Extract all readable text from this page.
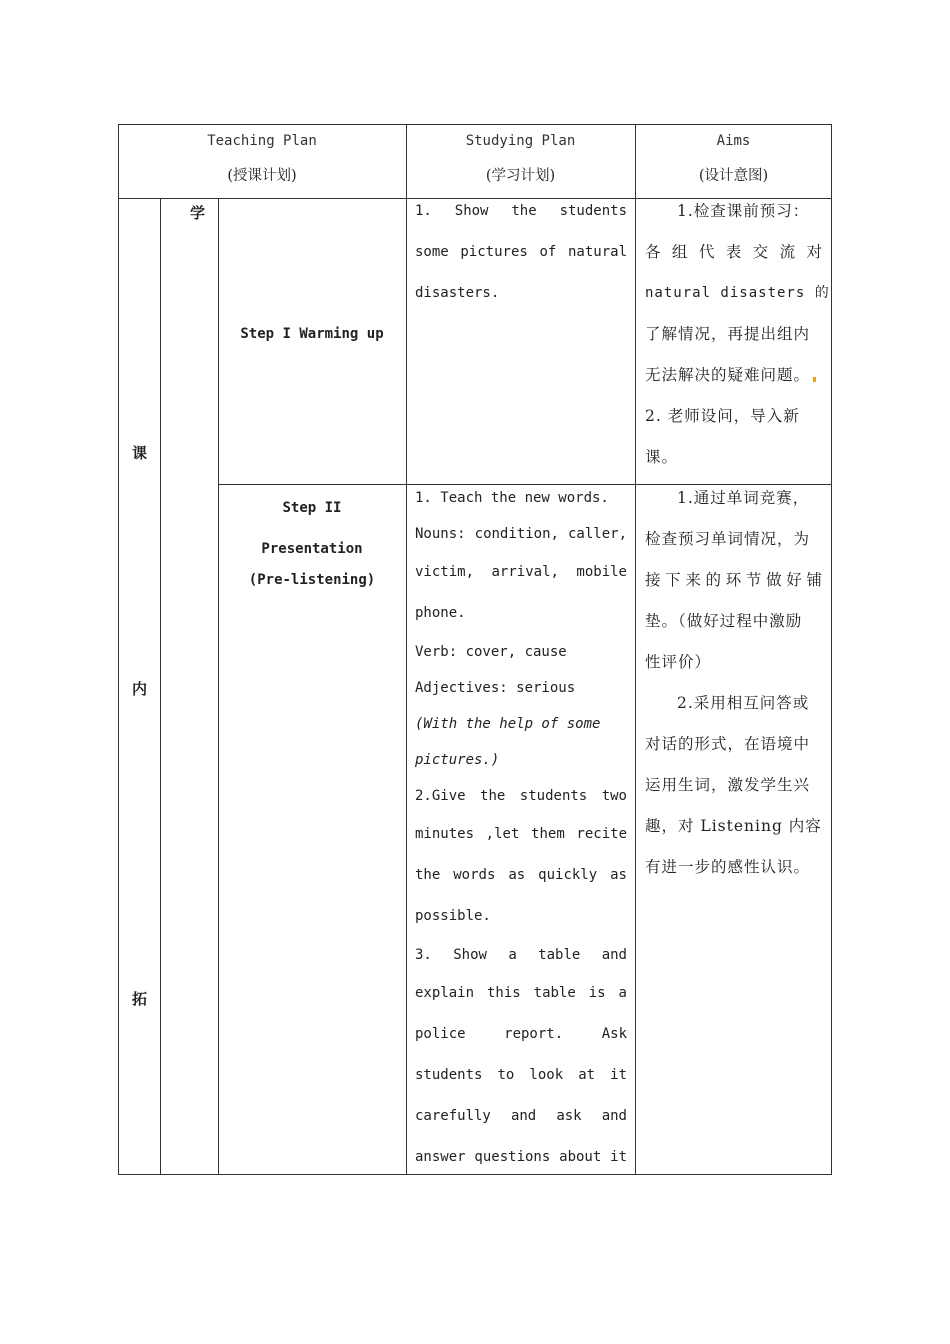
Teaching Plan
(授课计划)
Studying Plan
(学习计划)
Aims
(设计意图)
学
课
内
拓
Step I Warming up
1. Show the students
some pictures of natural
disasters.
1.检查课前预习：
各 组 代 表 交 流 对
natural disasters 的
了解情况，再提出组内
无法解决的疑难问题。
2. 老师设问，导入新
课。
Step II
Presentation
(Pre-listening)
1. Teach the new words.
Nouns: condition, caller,
victim, arrival, mobile
phone.
Verb: cover, cause
Adjectives: serious
(With the help of some
pictures.)
2.Give the students two
minutes ,let them recite
the words as quickly as
possible.
3. Show a table and
explain this table is a
police report. Ask
students to look at it
carefully and ask and
answer questions about it
1.通过单词竞赛，
检查预习单词情况，为
接下来的环节做好铺
垫。（做好过程中激励
性评价）
2.采用相互问答或
对话的形式，在语境中
运用生词，激发学生兴
趣，对 Listening 内容
有进一步的感性认识。
